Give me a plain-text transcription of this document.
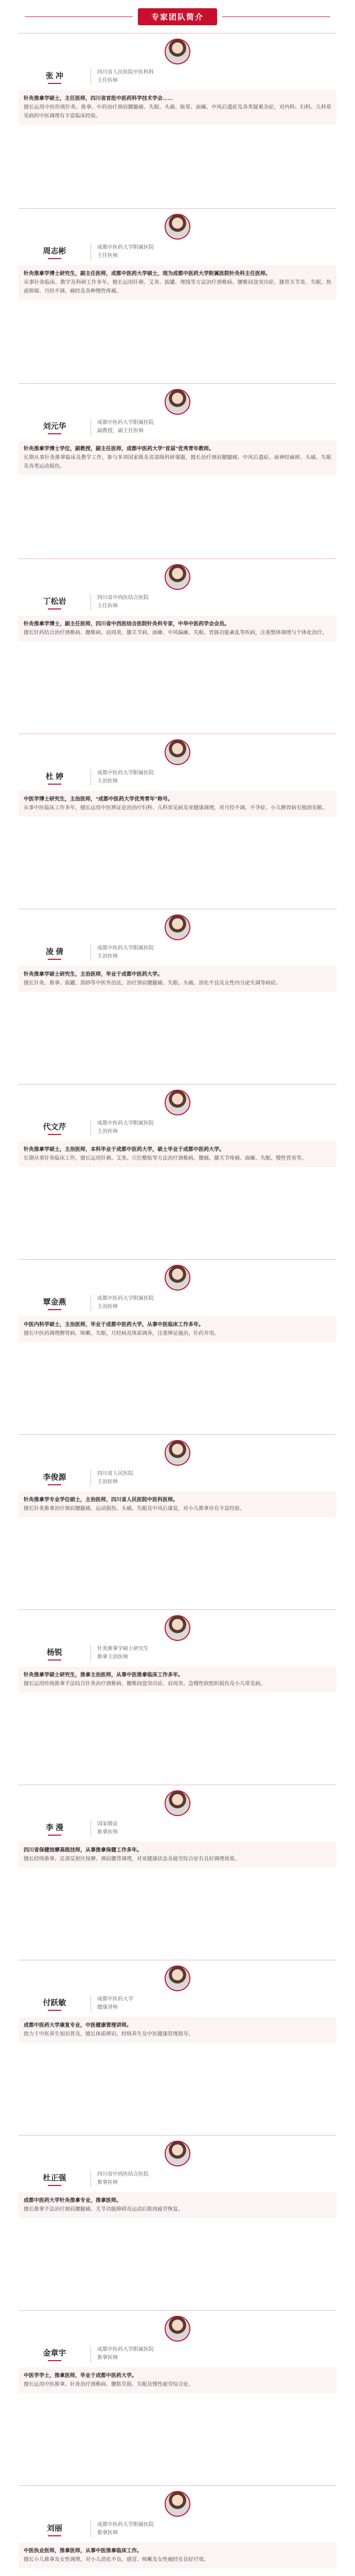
专家团队简介
张 冲	四川省人民医院中医科科
主任医师

针灸推拿学硕士，主任医师，四川省首批中医药科学技术学会……

擅长运用中医传统针灸、推拿、中药治疗颈肩腰腿痛、失眠、头痛、眩晕、面瘫、中风后遗症及各类疑难杂症，对内科、妇科、儿科常见病的中医调理有丰富临床经验。

周志彬	成都中医药大学附属医院
主任医师

针灸推拿学博士研究生，副主任医师，成都中医药大学硕士，现为成都中医药大学附属医院针灸科主任医师。

从事针灸临床、教学及科研工作多年，擅长运用针刺、艾灸、拔罐、埋线等方法治疗颈椎病、腰椎间盘突出症、膝骨关节炎、失眠、焦虑抑郁、月经不调、痛经及各种慢性疼痛。

刘元华	成都中医药大学附属医院
副教授，副主任医师

针灸推拿学博士学位，副教授，副主任医师，成都中医药大学“首届”优秀青年教师。

长期从事针灸推拿临床及教学工作，参与多项国家级及省部级科研课题，擅长治疗颈肩腰腿痛、中风后遗症、面神经麻痹、头痛、失眠及各类运动损伤。

丁松岩	四川省中西医结合医院
主任医师

针灸推拿学博士，副主任医师，四川省中西医结合医院针灸科专家，中华中医药学会会员。

擅长针药结合治疗颈椎病、腰椎病、肩周炎、膝关节病、面瘫、中风偏瘫、失眠、胃肠功能紊乱等疾病，注重整体调理与个体化治疗。

杜 婷	成都中医药大学附属医院
主治医师

中医学博士研究生，主治医师，“成都中医药大学优秀青年”称号。

从事中医临床工作多年，擅长运用中医辨证论治治疗妇科、儿科常见病及亚健康调理，对月经不调、不孕症、小儿脾胃病有独到见解。

凌 倩	成都中医药大学附属医院
主治医师

针灸推拿学硕士研究生，主治医师，毕业于成都中医药大学。

擅长针灸、推拿、拔罐、刮痧等中医外治法，治疗颈肩腰腿痛、失眠、头痛、消化不良及女性内分泌失调等病症。

代文芹	成都中医药大学附属医院
主治医师

针灸推拿学硕士，主治医师，本科毕业于成都中医药大学，硕士毕业于成都中医药大学。

长期从事针灸临床工作，擅长运用针刺、艾灸、穴位敷贴等方法治疗颈椎病、腰痛、膝关节疼痛、面瘫、失眠、慢性胃炎等。

覃金燕	成都中医药大学附属医院
主治医师

中医内科学硕士，主治医师，毕业于成都中医药大学，从事中医临床工作多年。

擅长中医药调理脾胃病、咳嗽、失眠、月经病及体质调养，注重辨证施治，针药并用。

李俊源	四川省人民医院
主治医师

针灸推拿学专业学位硕士，主治医师，四川省人民医院中医科医师。

擅长针灸推拿治疗颈肩腰腿痛、运动损伤、头痛、失眠及中风后康复，对小儿推拿亦有丰富经验。

杨锐	针灸推拿学硕士研究生
推拿主治医师

针灸推拿学硕士研究生，推拿主治医师，从事中医推拿临床工作多年。

擅长运用传统推拿手法结合针灸治疗颈椎病、腰椎间盘突出症、肩周炎、急慢性软组织损伤及小儿常见病。

李 漫	国家级证
推拿医师

四川省保健按摩高级技师，从事推拿保健工作多年。

擅长经络推拿、足部反射区按摩、颈肩腰背调理，对亚健康状态及疲劳综合征有良好调理效果。

付跃敏	成都中医药大学
健康讲师

成都中医药大学康复专业，中医健康管理讲师。

致力于中医养生知识普及，擅长体质辨识、经络养生及中医健康管理指导。

杜正强	四川省中西医结合医院
推拿医师

成都中医药大学针灸推拿专业，推拿医师。

擅长推拿手法治疗颈肩腰腿痛、关节功能障碍及运动后肌肉疲劳恢复。

金章宇	成都中医药大学附属医院
推拿医师

中医学学士，推拿医师，毕业于成都中医药大学。

擅长运用中医推拿、针灸治疗颈椎病、腰肌劳损、失眠及慢性疲劳综合征。

刘丽	成都中医药大学附属医院
推拿医师

中医执业医师，推拿医师，从事中医推拿临床工作。

擅长小儿推拿及女性调理，对小儿消化不良、感冒、咳嗽及女性痛经有良好疗效。
